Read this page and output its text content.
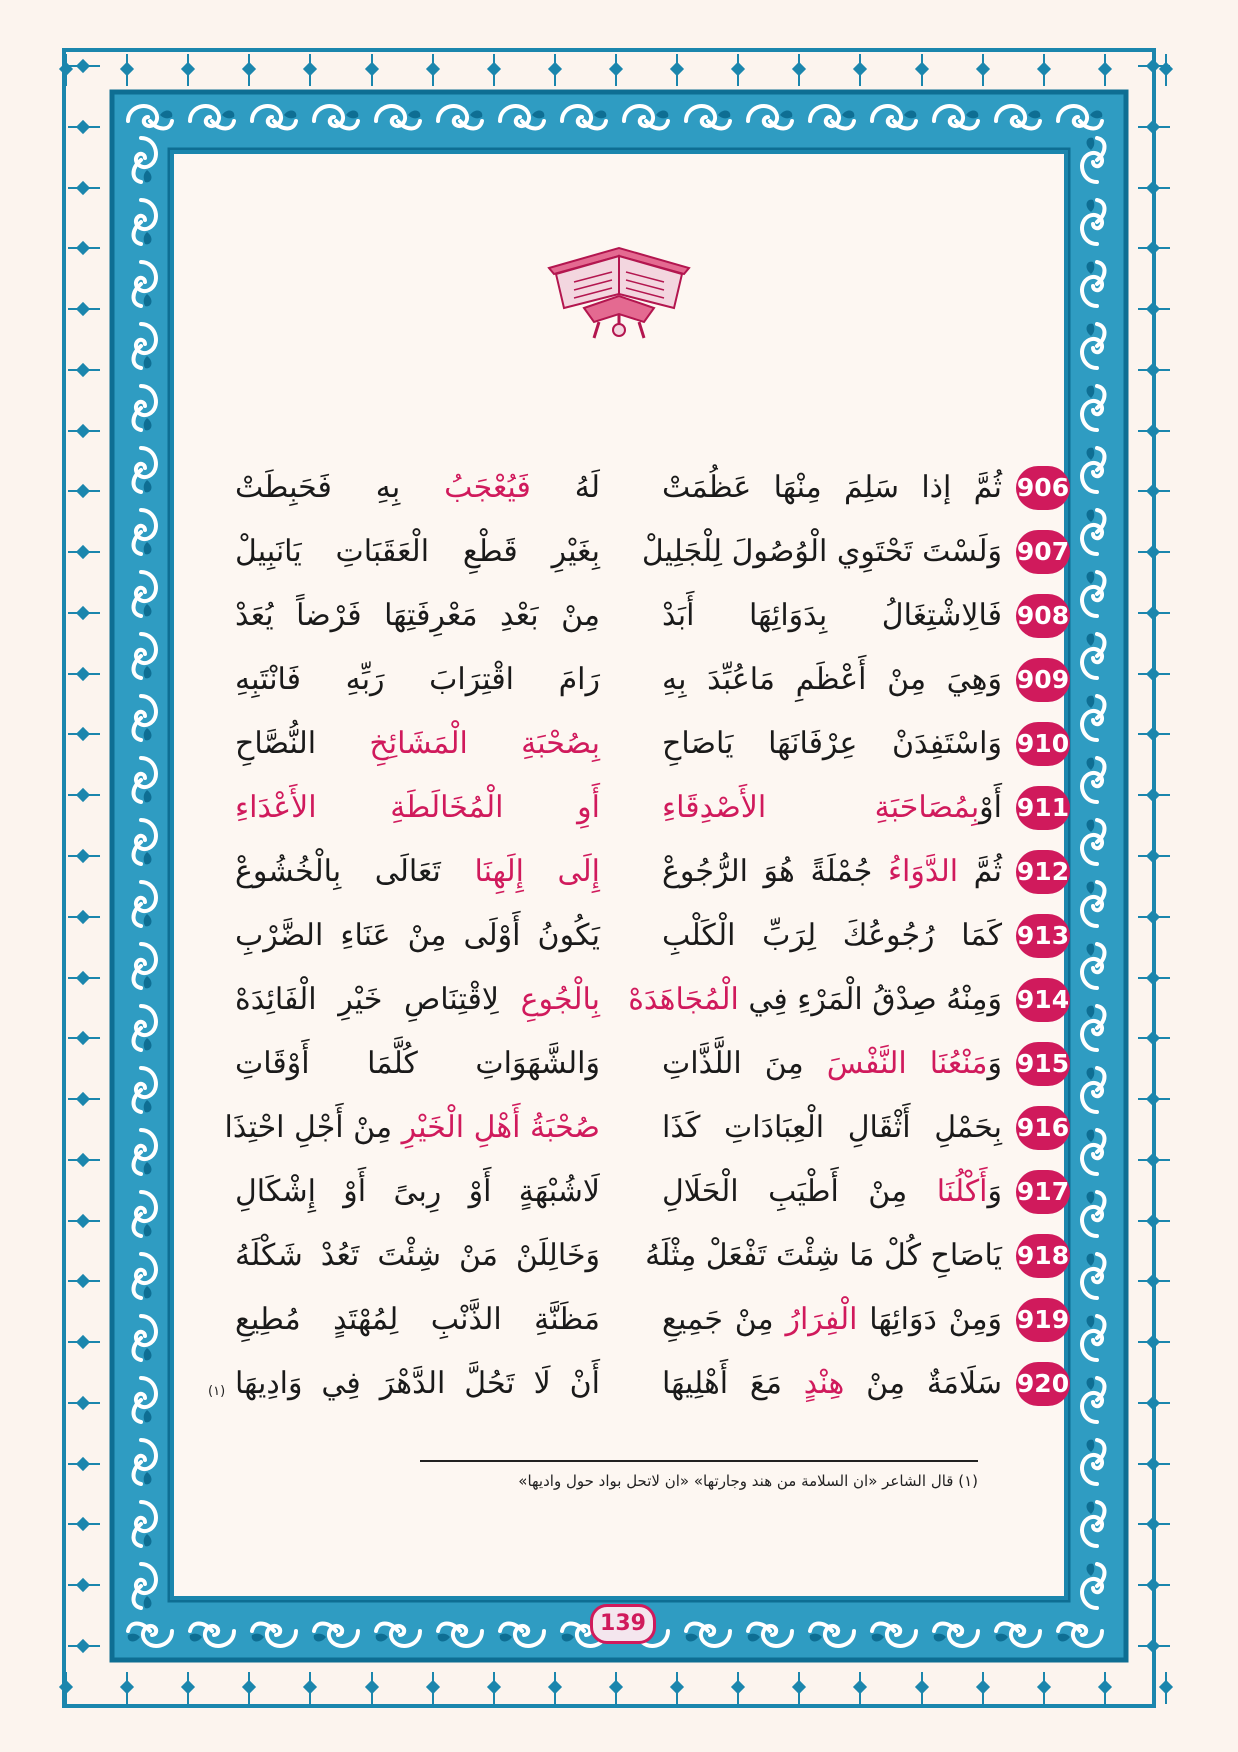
906
ثُمَّ إذا سَلِمَ مِنْهَا عَظُمَتْ
لَهُ فَيُعْجَبُ بِهِ فَحَبِطَتْ
907
وَلَسْتَ تَحْتَوِي الْوُصُولَ لِلْجَلِيلْ
بِغَيْرِ قَطْعِ الْعَقَبَاتِ يَانَبِيلْ
908
فَالِاشْتِغَالُ بِدَوَائِهَا أَبَدْ
مِنْ بَعْدِ مَعْرِفَتِهَا فَرْضاً يُعَدْ
909
وَهِيَ مِنْ أَعْظَمِ مَاعُبِّدَ بِهِ
رَامَ اقْتِرَابَ رَبِّهِ فَانْتَبِهِ
910
وَاسْتَفِدَنْ عِرْفَانَهَا يَاصَاحِ
بِصُحْبَةِ الْمَشَائِخِ النُّصَّاحِ
911
أَوْبِمُصَاحَبَةِ الأَصْدِقَاءِ
أَوِ الْمُخَالَطَةِ الأَعْدَاءِ
912
ثُمَّ الدَّوَاءُ جُمْلَةً هُوَ الرُّجُوعْ
إِلَى إِلَهِنَا تَعَالَى بِالْخُشُوعْ
913
كَمَا رُجُوعُكَ لِرَبِّ الْكَلْبِ
يَكُونُ أَوْلَى مِنْ عَنَاءِ الضَّرْبِ
914
وَمِنْهُ صِدْقُ الْمَرْءِ فِي الْمُجَاهَدَهْ
بِالْجُوعِ لِاقْتِنَاصِ خَيْرِ الْفَائِدَهْ
915
وَمَنْعُنَا النَّفْسَ مِنَ اللَّذَّاتِ
وَالشَّهَوَاتِ كُلَّمَا أَوْقَاتِ
916
بِحَمْلِ أَثْقَالِ الْعِبَادَاتِ كَذَا
صُحْبَةُ أَهْلِ الْخَيْرِ مِنْ أَجْلِ احْتِذَا
917
وَأَكْلُنَا مِنْ أَطْيَبِ الْحَلَالِ
لَاشُبْهَةٍ أَوْ رِبىً أَوْ إِشْكَالِ
918
يَاصَاحِ كُلْ مَا شِئْتَ تَفْعَلْ مِثْلَهُ
وَخَالِلَنْ مَنْ شِئْتَ تَعُدْ شَكْلَهُ
919
وَمِنْ دَوَائِهَا الْفِرَارُ مِنْ جَمِيعِ
مَظَنَّةِ الذَّنْبِ لِمُهْتَدٍ مُطِيعِ
920
سَلَامَةٌ مِنْ هِنْدٍ مَعَ أَهْلِيهَا
أَنْ لَا تَحُلَّ الدَّهْرَ فِي وَادِيهَا
(١)
(١) قال الشاعر «ان السلامة من هند وجارتها» «ان لاتحل بواد حول واديها»
139
